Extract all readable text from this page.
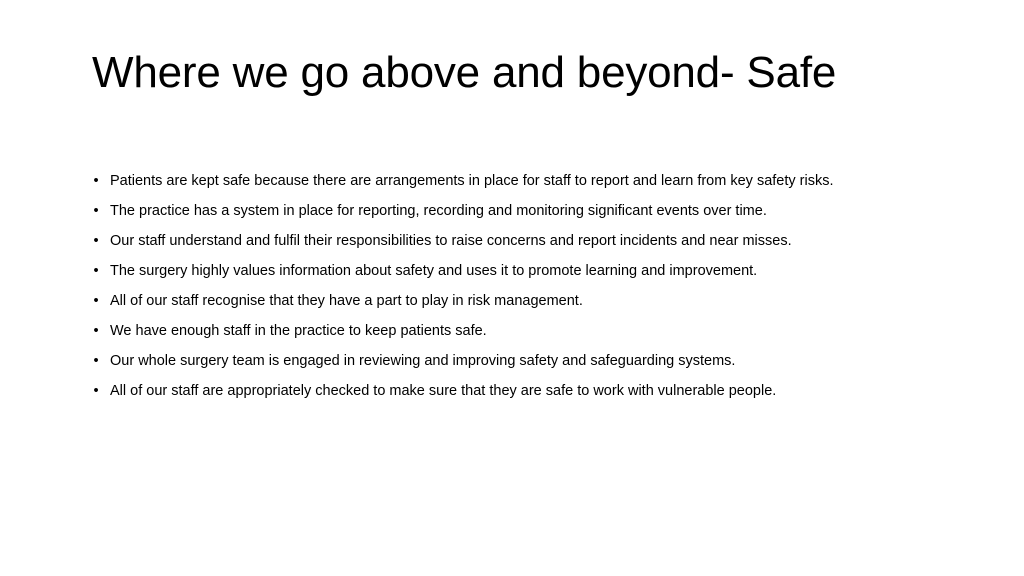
Where we go above and beyond- Safe
• Patients are kept safe because there are arrangements in place for staff to report and learn from key safety risks.
• The practice has a system in place for reporting, recording and monitoring significant events over time.
• Our staff understand and fulfil their responsibilities to raise concerns and report incidents and near misses.
• The surgery highly values information about safety and uses it to promote learning and improvement.
• All of our staff recognise that they have a part to play in risk management.
• We have enough staff in the practice to keep patients safe.
• Our whole surgery team is engaged in reviewing and improving safety and safeguarding systems.
• All of our staff are appropriately checked to make sure that they are safe to work with vulnerable people.
